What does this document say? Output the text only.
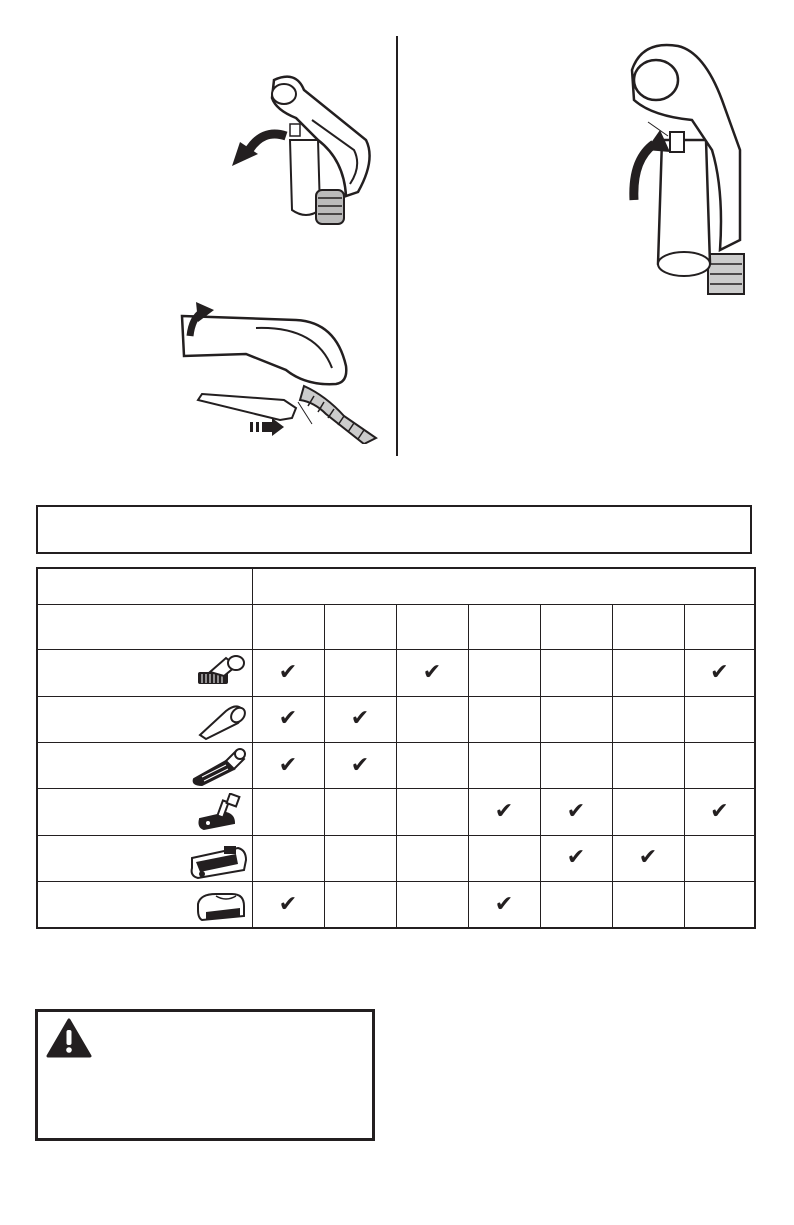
	✔		✔				✔

	✔	✔					

	✔	✔					

				✔	✔		✔

					✔	✔	

	✔			✔			
